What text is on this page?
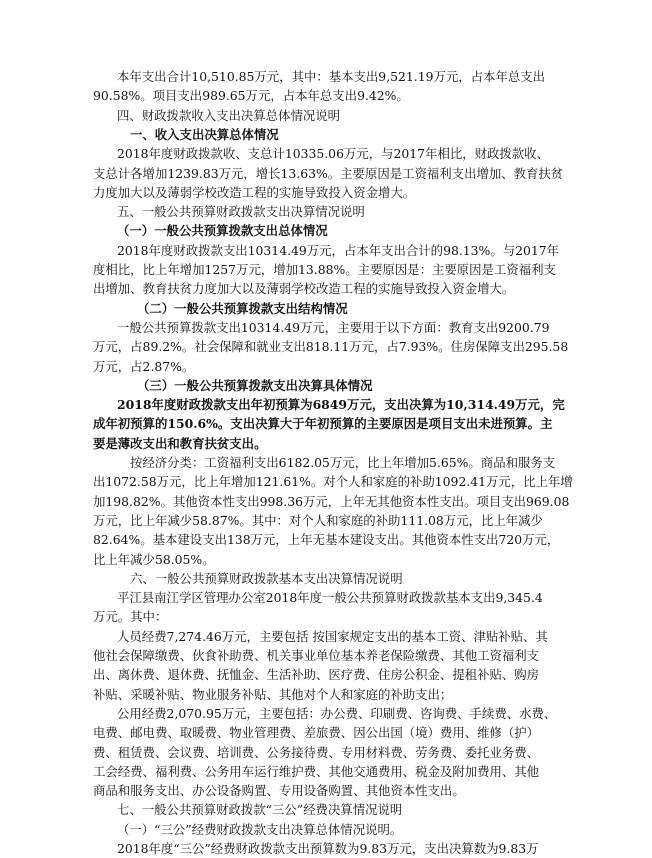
本年支出合计10,510.85万元，其中：基本支出9,521.19万元，占本年总支出
90.58%。项目支出989.65万元，占本年总支出9.42%。
四、财政拨款收入支出决算总体情况说明
一、收入支出决算总体情况
2018年度财政拨款收、支总计10335.06万元，与2017年相比，财政拨款收、
支总计各增加1239.83万元，增长13.63%。主要原因是工资福利支出增加、教育扶贫
力度加大以及薄弱学校改造工程的实施导致投入资金增大。
五、一般公共预算财政拨款支出决算情况说明
（一）一般公共预算拨款支出总体情况
2018年度财政拨款支出10314.49万元，占本年支出合计的98.13%。与2017年
度相比，比上年增加1257万元，增加13.88%。主要原因是：主要原因是工资福利支
出增加、教育扶贫力度加大以及薄弱学校改造工程的实施导致投入资金增大。
（二）一般公共预算拨款支出结构情况
一般公共预算拨款支出10314.49万元，主要用于以下方面：教育支出9200.79
万元，占89.2%。社会保障和就业支出818.11万元，占7.93%。住房保障支出295.58
万元，占2.87%。
（三）一般公共预算拨款支出决算具体情况
2018年度财政拨款支出年初预算为6849万元，支出决算为10,314.49万元，完
成年初预算的150.6%。支出决算大于年初预算的主要原因是项目支出未进预算。主
要是薄改支出和教育扶贫支出。
按经济分类：工资福利支出6182.05万元，比上年增加5.65%。商品和服务支
出1072.58万元，比上年增加121.61%。对个人和家庭的补助1092.41万元，比上年增
加198.82%。其他资本性支出998.36万元，上年无其他资本性支出。项目支出969.08
万元，比上年减少58.87%。其中：对个人和家庭的补助111.08万元，比上年减少
82.64%。基本建设支出138万元，上年无基本建设支出。其他资本性支出720万元，
比上年减少58.05%。
六、一般公共预算财政拨款基本支出决算情况说明
平江县南江学区管理办公室2018年度一般公共预算财政拨款基本支出9,345.4
万元。其中：
人员经费7,274.46万元，主要包括 按国家规定支出的基本工资、津贴补贴、其
他社会保障缴费、伙食补助费、机关事业单位基本养老保险缴费、其他工资福利支
出、离休费、退休费、抚恤金、生活补助、医疗费、住房公积金、提租补贴、购房
补贴、采暖补贴、物业服务补贴、其他对个人和家庭的补助支出；
公用经费2,070.95万元，主要包括：办公费、印刷费、咨询费、手续费、水费、
电费、邮电费、取暖费、物业管理费、差旅费、因公出国（境）费用、维修（护）
费、租赁费、会议费、培训费、公务接待费、专用材料费、劳务费、委托业务费、
工会经费、福利费、公务用车运行维护费、其他交通费用、税金及附加费用、其他
商品和服务支出、办公设备购置、专用设备购置、其他资本性支出。
七、一般公共预算财政拨款“三公”经费决算情况说明
（一）“三公”经费财政拨款支出决算总体情况说明。
2018年度“三公”经费财政拨款支出预算数为9.83万元，支出决算数为9.83万
